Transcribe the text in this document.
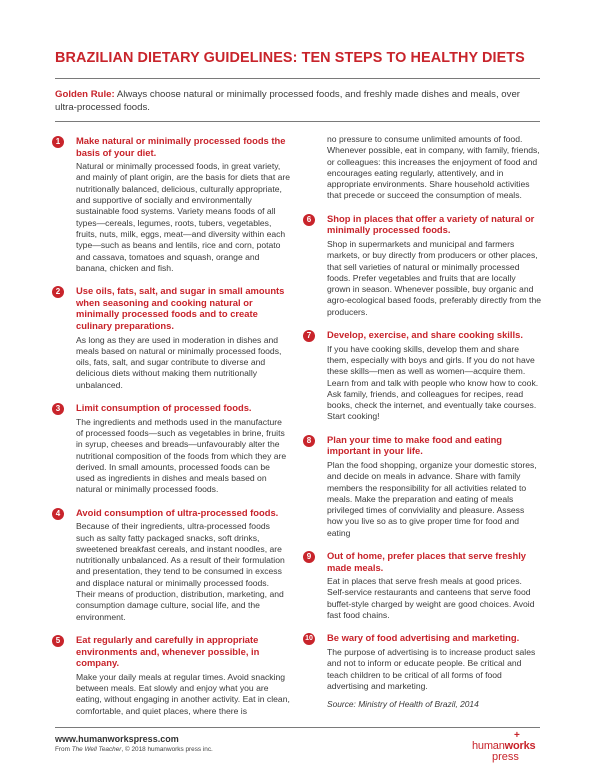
BRAZILIAN DIETARY GUIDELINES: TEN STEPS TO HEALTHY DIETS
Golden Rule: Always choose natural or minimally processed foods, and freshly made dishes and meals, over ultra-processed foods.
1	Make natural or minimally processed foods the basis of your diet.
Natural or minimally processed foods, in great variety, and mainly of plant origin, are the basis for diets that are nutritionally balanced, delicious, culturally appropriate, and supportive of socially and environmentally sustainable food systems. Variety means foods of all types—cereals, legumes, roots, tubers, vegetables, fruits, nuts, milk, eggs, meat—and diversity within each type—such as beans and lentils, rice and corn, potato and cassava, tomatoes and squash, orange and banana, chicken and fish.
2	Use oils, fats, salt, and sugar in small amounts when seasoning and cooking natural or minimally processed foods and to create culinary preparations.
As long as they are used in moderation in dishes and meals based on natural or minimally processed foods, oils, fats, salt, and sugar contribute to diverse and delicious diets without making them nutritionally unbalanced.
3	Limit consumption of processed foods.
The ingredients and methods used in the manufacture of processed foods—such as vegetables in brine, fruits in syrup, cheeses and breads—unfavourably alter the nutritional composition of the foods from which they are derived. In small amounts, processed foods can be used as ingredients in dishes and meals based on natural or minimally processed foods.
4	Avoid consumption of ultra-processed foods.
Because of their ingredients, ultra-processed foods such as salty fatty packaged snacks, soft drinks, sweetened breakfast cereals, and instant noodles, are nutritionally unbalanced. As a result of their formulation and presentation, they tend to be consumed in excess and displace natural or minimally processed foods. Their means of production, distribution, marketing, and consumption damage culture, social life, and the environment.
5	Eat regularly and carefully in appropriate environments and, whenever possible, in company.
Make your daily meals at regular times. Avoid snacking between meals. Eat slowly and enjoy what you are eating, without engaging in another activity. Eat in clean, comfortable, and quiet places, where there is
no pressure to consume unlimited amounts of food. Whenever possible, eat in company, with family, friends, or colleagues: this increases the enjoyment of food and encourages eating regularly, attentively, and in appropriate environments. Share household activities that precede or succeed the consumption of meals.
6	Shop in places that offer a variety of natural or minimally processed foods.
Shop in supermarkets and municipal and farmers markets, or buy directly from producers or other places, that sell varieties of natural or minimally processed foods. Prefer vegetables and fruits that are locally grown in season. Whenever possible, buy organic and agro-ecological based foods, preferably directly from the producers.
7	Develop, exercise, and share cooking skills.
If you have cooking skills, develop them and share them, especially with boys and girls. If you do not have these skills—men as well as women—acquire them. Learn from and talk with people who know how to cook. Ask family, friends, and colleagues for recipes, read books, check the internet, and eventually take courses. Start cooking!
8	Plan your time to make food and eating important in your life.
Plan the food shopping, organize your domestic stores, and decide on meals in advance. Share with family members the responsibility for all activities related to meals. Make the preparation and eating of meals privileged times of conviviality and pleasure. Assess how you live so as to give proper time for food and eating
9	Out of home, prefer places that serve freshly made meals.
Eat in places that serve fresh meals at good prices. Self-service restaurants and canteens that serve food buffet-style charged by weight are good choices. Avoid fast food chains.
10 Be wary of food advertising and marketing.
The purpose of advertising is to increase product sales and not to inform or educate people. Be critical and teach children to be critical of all forms of food advertising and marketing.
Source: Ministry of Health of Brazil, 2014
www.humanworkspress.com
From The Well Teacher, © 2018 humanworks press inc.
+
humanworks
press
